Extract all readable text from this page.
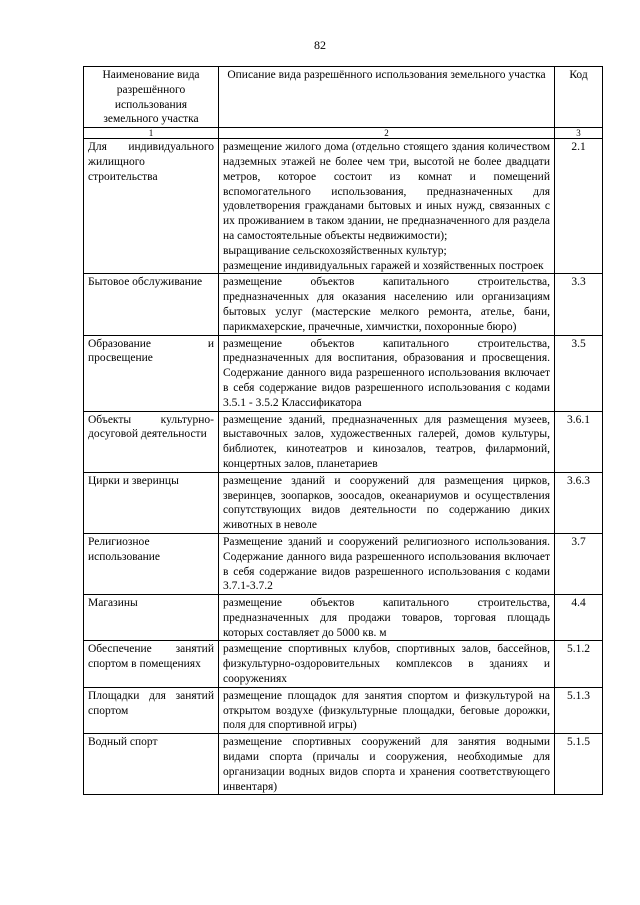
82
Наименование вида разрешённого использования земельного участка	Описание вида разрешённого использования земельного участка	Код
1	2	3
Для индивидуального жилищного строительства	размещение жилого дома (отдельно стоящего здания количеством надземных этажей не более чем три, высотой не более двадцати метров, которое состоит из комнат и помещений вспомогательного использования, предназначенных для удовлетворения гражданами бытовых и иных нужд, связанных с их проживанием в таком здании, не предназначенного для раздела на самостоятельные объекты недвижимости);
выращивание сельскохозяйственных культур;
размещение индивидуальных гаражей и хозяйственных построек	2.1
Бытовое обслуживание	размещение объектов капитального строительства, предназначенных для оказания населению или организациям бытовых услуг (мастерские мелкого ремонта, ателье, бани, парикмахерские, прачечные, химчистки, похоронные бюро)	3.3
Образование и просвещение	размещение объектов капитального строительства, предназначенных для воспитания, образования и просвещения. Содержание данного вида разрешенного использования включает в себя содержание видов разрешенного использования с кодами 3.5.1 - 3.5.2 Классификатора	3.5
Объекты культурно-досуговой деятельности	размещение зданий, предназначенных для размещения музеев, выставочных залов, художественных галерей, домов культуры, библиотек, кинотеатров и кинозалов, театров, филармоний, концертных залов, планетариев	3.6.1
Цирки и зверинцы	размещение зданий и сооружений для размещения цирков, зверинцев, зоопарков, зоосадов, океанариумов и осуществления сопутствующих видов деятельности по содержанию диких животных в неволе	3.6.3
Религиозное использование	Размещение зданий и сооружений религиозного использования. Содержание данного вида разрешенного использования включает в себя содержание видов разрешенного использования с кодами 3.7.1-3.7.2	3.7
Магазины	размещение объектов капитального строительства, предназначенных для продажи товаров, торговая площадь которых составляет до 5000 кв. м	4.4
Обеспечение занятий спортом в помещениях	размещение спортивных клубов, спортивных залов, бассейнов, физкультурно-оздоровительных комплексов в зданиях и сооружениях	5.1.2
Площадки для занятий спортом	размещение площадок для занятия спортом и физкультурой на открытом воздухе (физкультурные площадки, беговые дорожки, поля для спортивной игры)	5.1.3
Водный спорт	размещение спортивных сооружений для занятия водными видами спорта (причалы и сооружения, необходимые для организации водных видов спорта и хранения соответствующего инвентаря)	5.1.5
